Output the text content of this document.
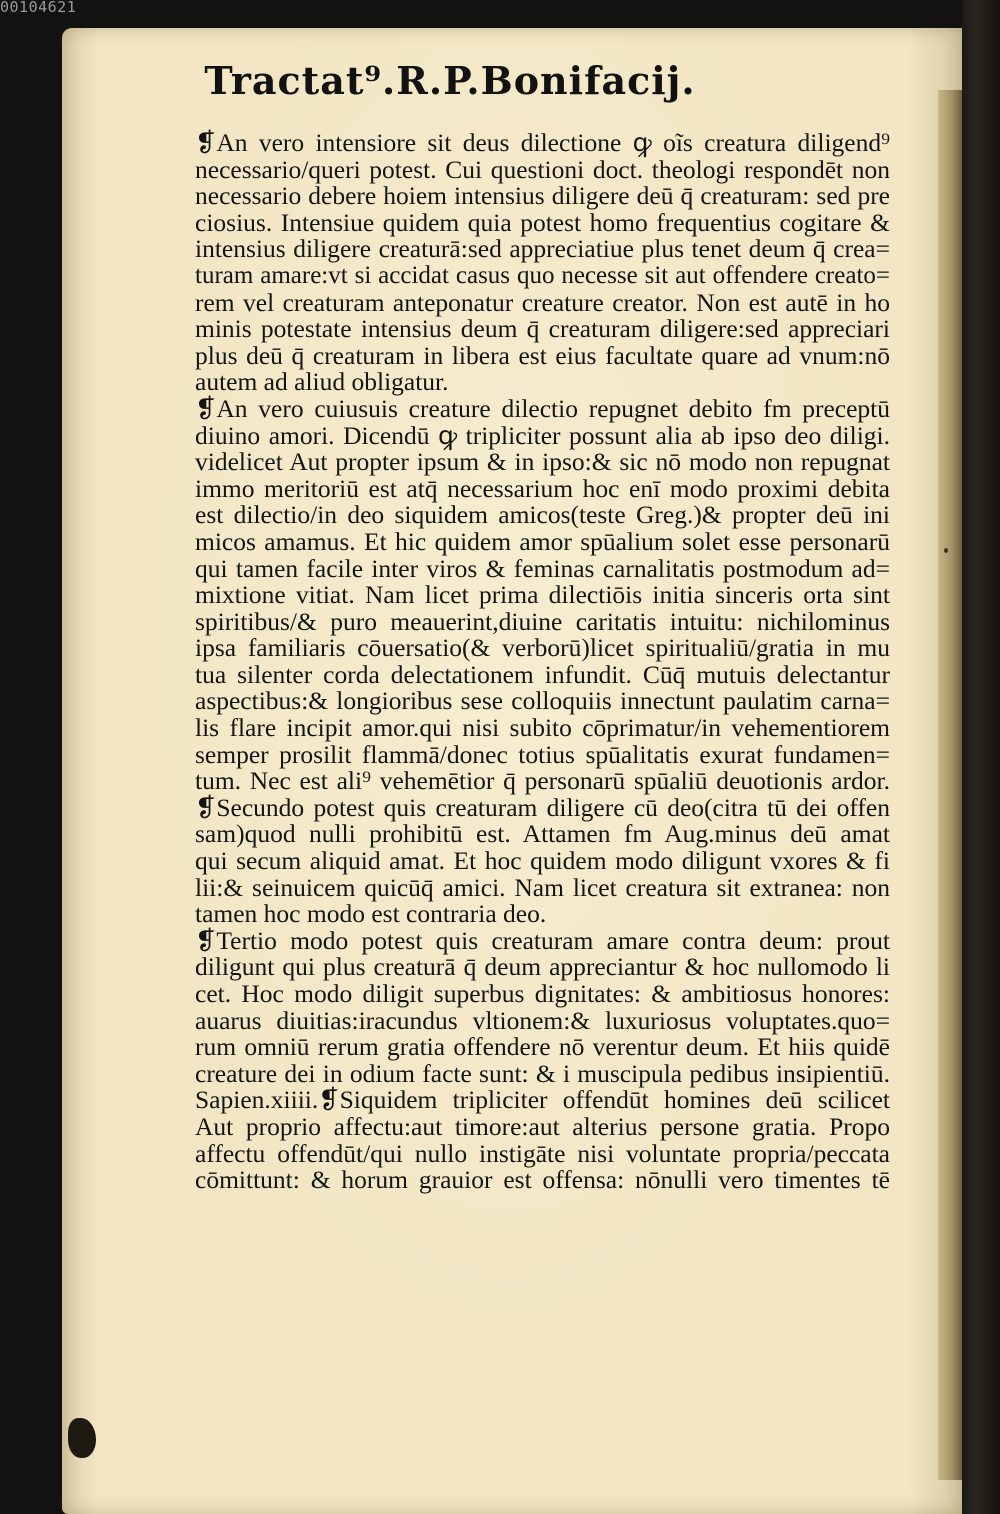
00104621
Tractat⁹.R.P.Bonifacij.
❡An vero intensiore sit deus dilectione ꝙ oĩs creatura diligend⁹
necessario/queri potest. Cui questioni doct. theologi respondēt non
necessario debere hoiem intensius diligere deū q̄ creaturam: sed pre
ciosius. Intensiue quidem quia potest homo frequentius cogitare &
intensius diligere creaturā:sed appreciatiue plus tenet deum q̄ crea=
turam amare:vt si accidat casus quo necesse sit aut offendere creato=
rem vel creaturam anteponatur creature creator. Non est autē in ho
minis potestate intensius deum q̄ creaturam diligere:sed appreciari
plus deū q̄ creaturam in libera est eius facultate quare ad vnum:nō
autem ad aliud obligatur.
❡An vero cuiusuis creature dilectio repugnet debito fm preceptū
diuino amori. Dicendū ꝙ tripliciter possunt alia ab ipso deo diligi.
videlicet Aut propter ipsum & in ipso:& sic nō modo non repugnat
immo meritoriū est atq̄ necessarium hoc enī modo proximi debita
est dilectio/in deo siquidem amicos(teste Greg.)& propter deū ini
micos amamus. Et hic quidem amor spūalium solet esse personarū
qui tamen facile inter viros & feminas carnalitatis postmodum ad=
mixtione vitiat. Nam licet prima dilectiōis initia sinceris orta sint
spiritibus/& puro meauerint,diuine caritatis intuitu: nichilominus
ipsa familiaris cōuersatio(& verborū)licet spiritualiū/gratia in mu
tua silenter corda delectationem infundit. Cūq̄ mutuis delectantur
aspectibus:& longioribus sese colloquiis innectunt paulatim carna=
lis flare incipit amor.qui nisi subito cōprimatur/in vehementiorem
semper prosilit flammā/donec totius spūalitatis exurat fundamen=
tum. Nec est ali⁹ vehemētior q̄ personarū spūaliū deuotionis ardor.
❡Secundo potest quis creaturam diligere cū deo(citra tū dei offen
sam)quod nulli prohibitū est. Attamen fm Aug.minus deū amat
qui secum aliquid amat. Et hoc quidem modo diligunt vxores & fi
lii:& seinuicem quicūq̄ amici. Nam licet creatura sit extranea: non
tamen hoc modo est contraria deo.
❡Tertio modo potest quis creaturam amare contra deum: prout
diligunt qui plus creaturā q̄ deum appreciantur & hoc nullomodo li
cet. Hoc modo diligit superbus dignitates: & ambitiosus honores:
auarus diuitias:iracundus vltionem:& luxuriosus voluptates.quo=
rum omniū rerum gratia offendere nō verentur deum. Et hiis quidē
creature dei in odium facte sunt: & i muscipula pedibus insipientiū.
Sapien.xiiii.❡Siquidem tripliciter offendūt homines deū scilicet
Aut proprio affectu:aut timore:aut alterius persone gratia. Propo
affectu offendūt/qui nullo instigāte nisi voluntate propria/peccata
cōmittunt: & horum grauior est offensa: nōnulli vero timentes tē
